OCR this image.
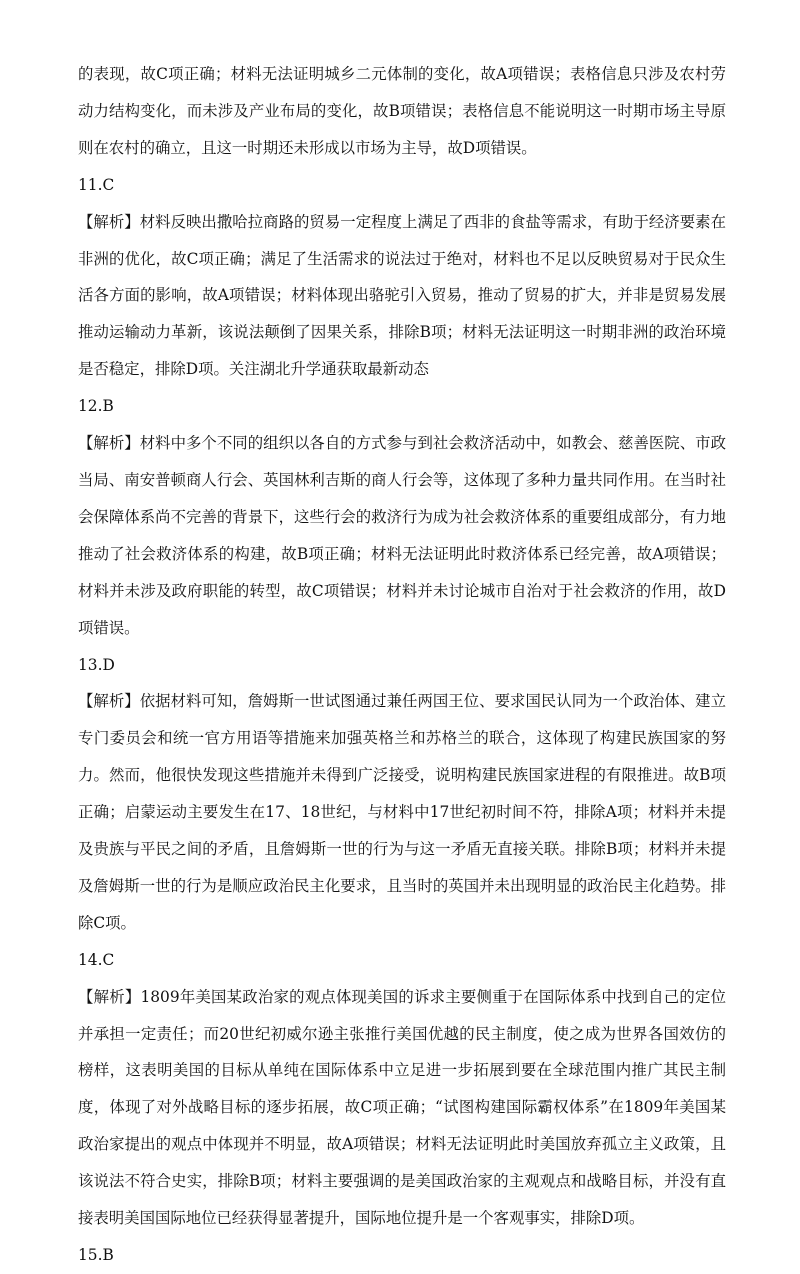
的表现，故C项正确；材料无法证明城乡二元体制的变化，故A项错误；表格信息只涉及农村劳动力结构变化，而未涉及产业布局的变化，故B项错误；表格信息不能说明这一时期市场主导原则在农村的确立，且这一时期还未形成以市场为主导，故D项错误。

11.C

【解析】材料反映出撒哈拉商路的贸易一定程度上满足了西非的食盐等需求，有助于经济要素在非洲的优化，故C项正确；满足了生活需求的说法过于绝对，材料也不足以反映贸易对于民众生活各方面的影响，故A项错误；材料体现出骆驼引入贸易，推动了贸易的扩大，并非是贸易发展推动运输动力革新，该说法颠倒了因果关系，排除B项；材料无法证明这一时期非洲的政治环境是否稳定，排除D项。关注湖北升学通获取最新动态

12.B

【解析】材料中多个不同的组织以各自的方式参与到社会救济活动中，如教会、慈善医院、市政当局、南安普顿商人行会、英国林利吉斯的商人行会等，这体现了多种力量共同作用。在当时社会保障体系尚不完善的背景下，这些行会的救济行为成为社会救济体系的重要组成部分，有力地推动了社会救济体系的构建，故B项正确；材料无法证明此时救济体系已经完善，故A项错误；材料并未涉及政府职能的转型，故C项错误；材料并未讨论城市自治对于社会救济的作用，故D项错误。

13.D

【解析】依据材料可知，詹姆斯一世试图通过兼任两国王位、要求国民认同为一个政治体、建立专门委员会和统一官方用语等措施来加强英格兰和苏格兰的联合，这体现了构建民族国家的努力。然而，他很快发现这些措施并未得到广泛接受，说明构建民族国家进程的有限推进。故B项正确；启蒙运动主要发生在17、18世纪，与材料中17世纪初时间不符，排除A项；材料并未提及贵族与平民之间的矛盾，且詹姆斯一世的行为与这一矛盾无直接关联。排除B项；材料并未提及詹姆斯一世的行为是顺应政治民主化要求，且当时的英国并未出现明显的政治民主化趋势。排除C项。

14.C

【解析】1809年美国某政治家的观点体现美国的诉求主要侧重于在国际体系中找到自己的定位并承担一定责任；而20世纪初威尔逊主张推行美国优越的民主制度，使之成为世界各国效仿的榜样，这表明美国的目标从单纯在国际体系中立足进一步拓展到要在全球范围内推广其民主制度，体现了对外战略目标的逐步拓展，故C项正确；“试图构建国际霸权体系”在1809年美国某政治家提出的观点中体现并不明显，故A项错误；材料无法证明此时美国放弃孤立主义政策，且该说法不符合史实，排除B项；材料主要强调的是美国政治家的主观观点和战略目标，并没有直接表明美国国际地位已经获得显著提升，国际地位提升是一个客观事实，排除D项。

15.B
